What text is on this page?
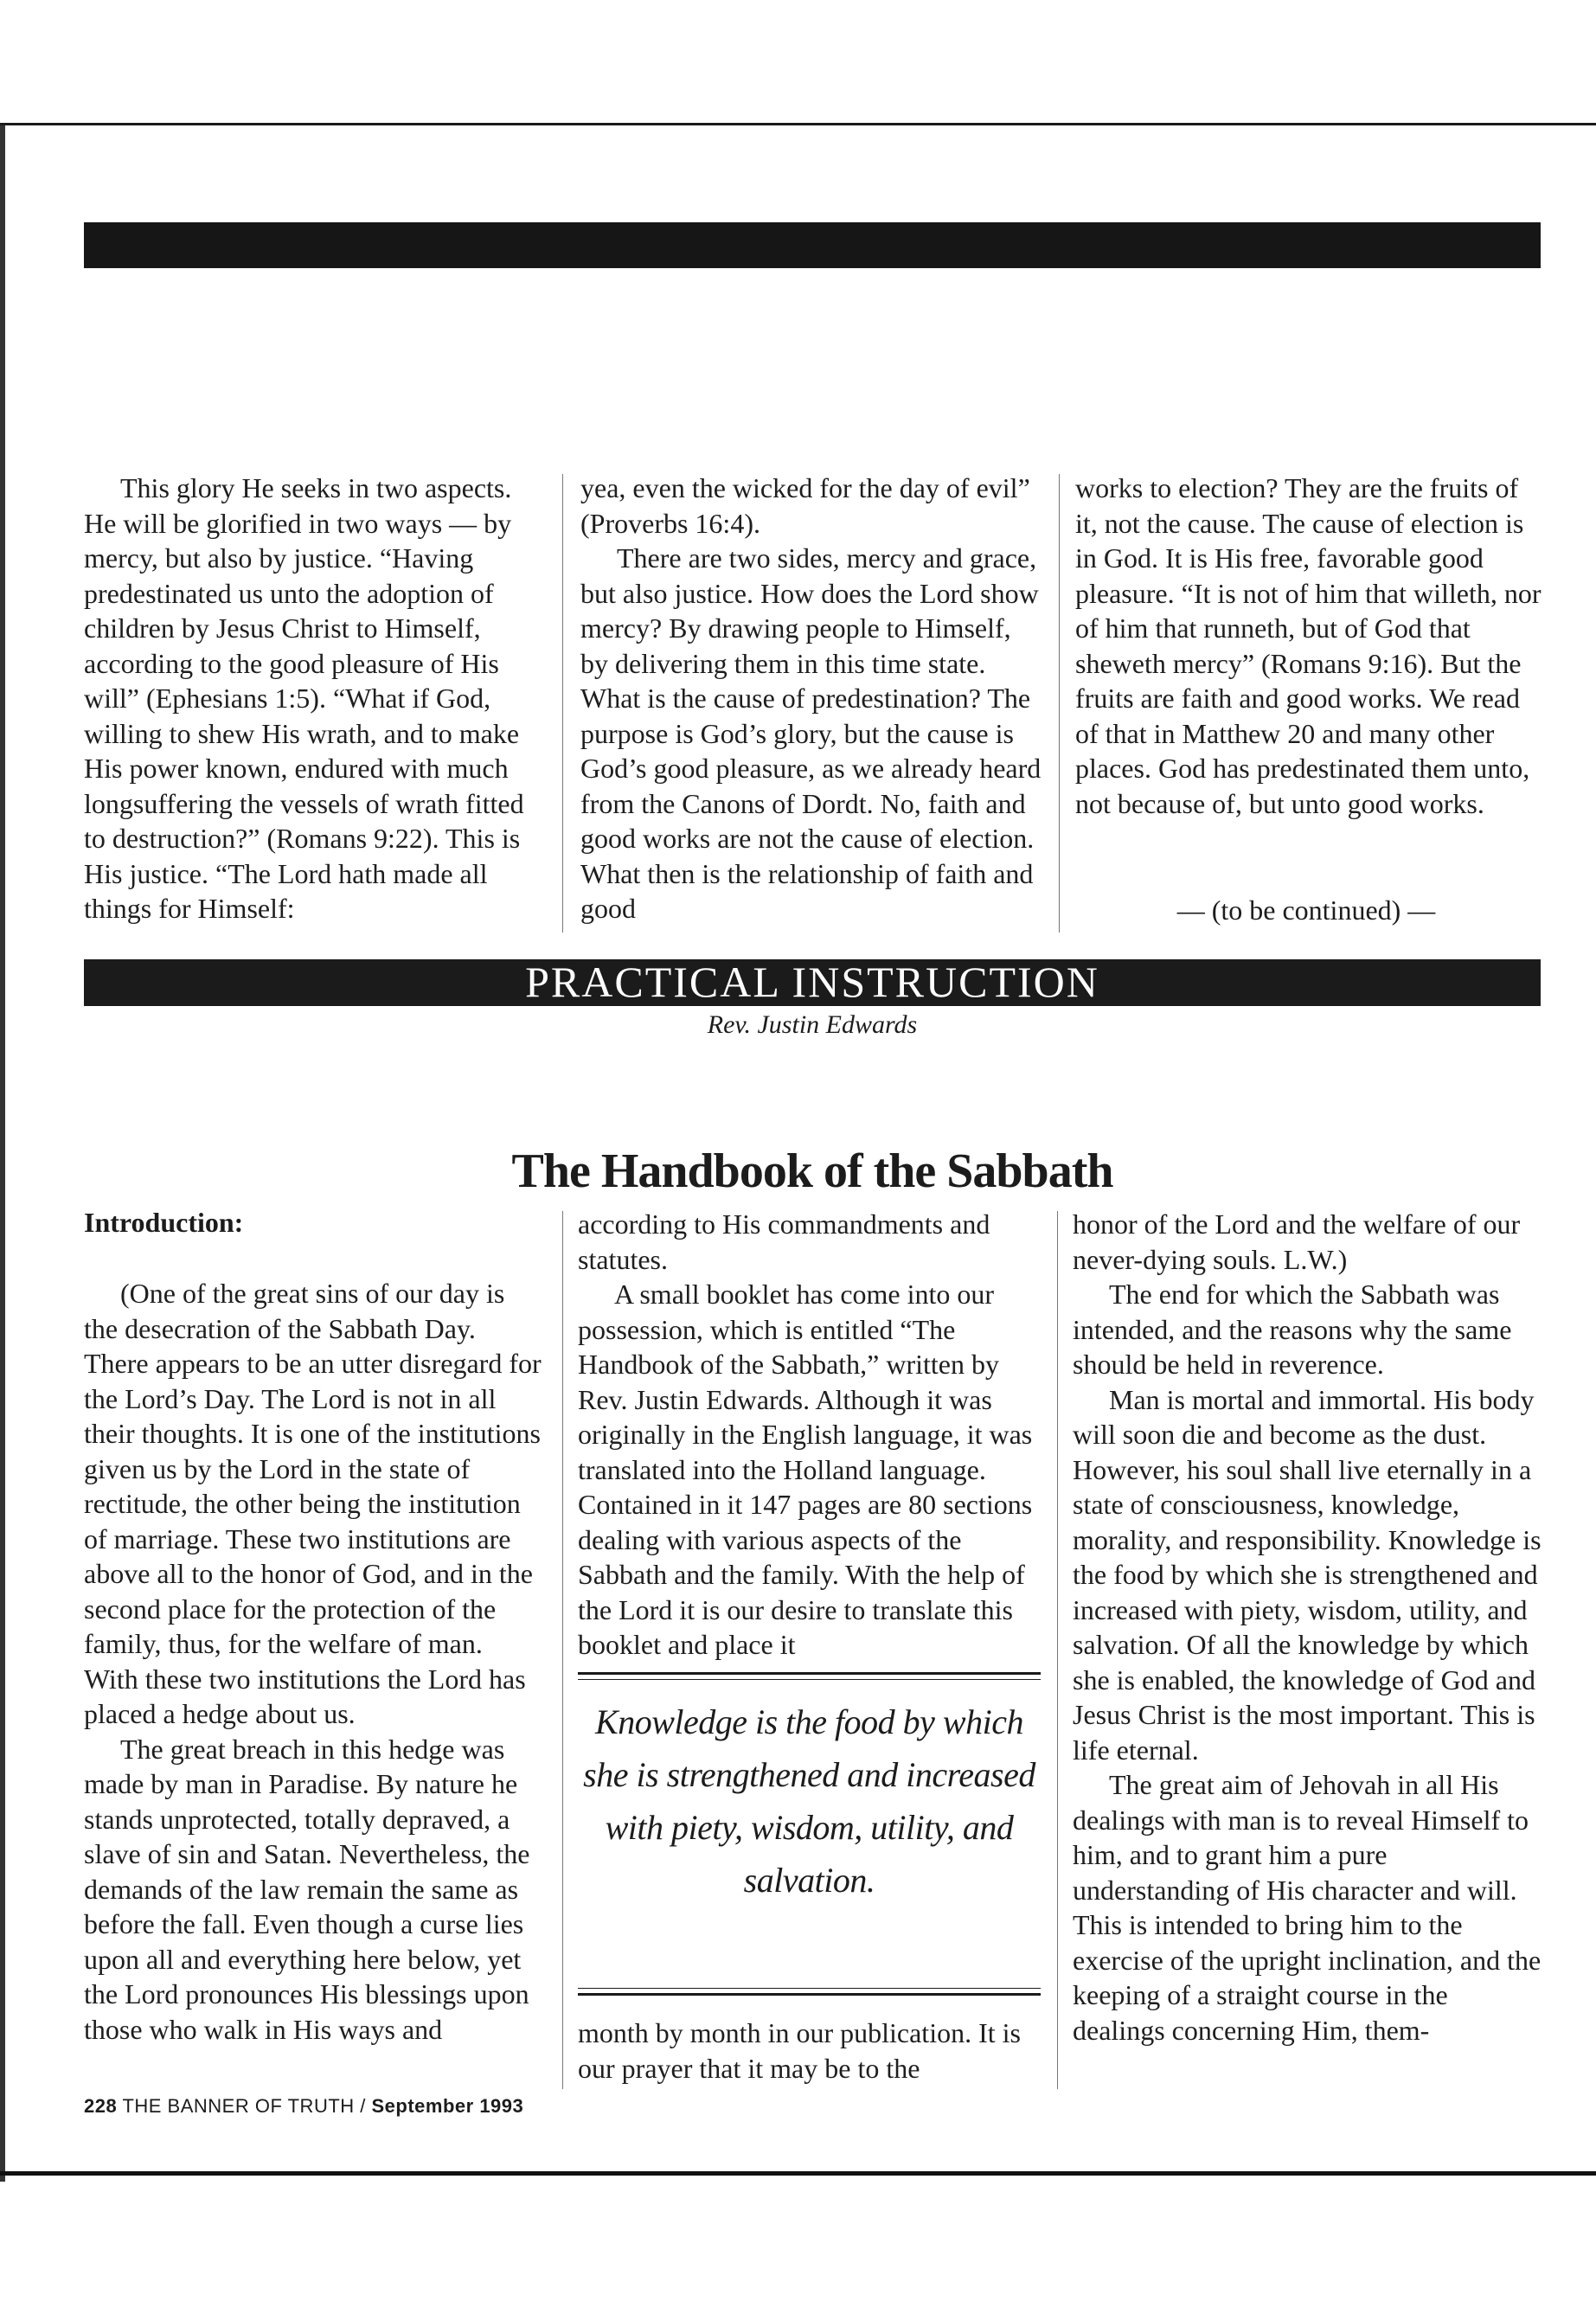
This glory He seeks in two aspects. He will be glorified in two ways — by mercy, but also by justice. “Having predestinated us unto the adoption of children by Jesus Christ to Himself, according to the good pleasure of His will” (Ephesians 1:5). “What if God, willing to shew His wrath, and to make His power known, endured with much longsuffering the vessels of wrath fitted to destruction?” (Romans 9:22). This is His justice. “The Lord hath made all things for Himself:

yea, even the wicked for the day of evil” (Proverbs 16:4).

There are two sides, mercy and grace, but also justice. How does the Lord show mercy? By drawing people to Himself, by delivering them in this time state. What is the cause of predestination? The purpose is God’s glory, but the cause is God’s good pleasure, as we already heard from the Canons of Dordt. No, faith and good works are not the cause of election. What then is the relationship of faith and good

works to election? They are the fruits of it, not the cause. The cause of election is in God. It is His free, favorable good pleasure. “It is not of him that willeth, nor of him that runneth, but of God that sheweth mercy” (Romans 9:16). But the fruits are faith and good works. We read of that in Matthew 20 and many other places. God has predestinated them unto, not because of, but unto good works.

— (to be continued) —
PRACTICAL INSTRUCTION
Rev. Justin Edwards
The Handbook of the Sabbath
Introduction:

(One of the great sins of our day is the desecration of the Sabbath Day. There appears to be an utter disregard for the Lord’s Day. The Lord is not in all their thoughts. It is one of the institutions given us by the Lord in the state of rectitude, the other being the institution of marriage. These two institutions are above all to the honor of God, and in the second place for the protection of the family, thus, for the welfare of man. With these two institutions the Lord has placed a hedge about us.

The great breach in this hedge was made by man in Paradise. By nature he stands unprotected, totally depraved, a slave of sin and Satan. Nevertheless, the demands of the law remain the same as before the fall. Even though a curse lies upon all and everything here below, yet the Lord pronounces His blessings upon those who walk in His ways and

according to His commandments and statutes.

A small booklet has come into our possession, which is entitled “The Handbook of the Sabbath,” written by Rev. Justin Edwards. Although it was originally in the English language, it was translated into the Holland language. Contained in it 147 pages are 80 sections dealing with various aspects of the Sabbath and the family. With the help of the Lord it is our desire to translate this booklet and place it

Knowledge is the food by which she is strengthened and increased with piety, wisdom, utility, and salvation.

month by month in our publication. It is our prayer that it may be to the

honor of the Lord and the welfare of our never-dying souls. L.W.)

The end for which the Sabbath was intended, and the reasons why the same should be held in reverence.

Man is mortal and immortal. His body will soon die and become as the dust. However, his soul shall live eternally in a state of consciousness, knowledge, morality, and responsibility. Knowledge is the food by which she is strengthened and increased with piety, wisdom, utility, and salvation. Of all the knowledge by which she is enabled, the knowledge of God and Jesus Christ is the most important. This is life eternal.

The great aim of Jehovah in all His dealings with man is to reveal Himself to him, and to grant him a pure understanding of His character and will. This is intended to bring him to the exercise of the upright inclination, and the keeping of a straight course in the dealings concerning Him, them-

228 THE BANNER OF TRUTH / September 1993
